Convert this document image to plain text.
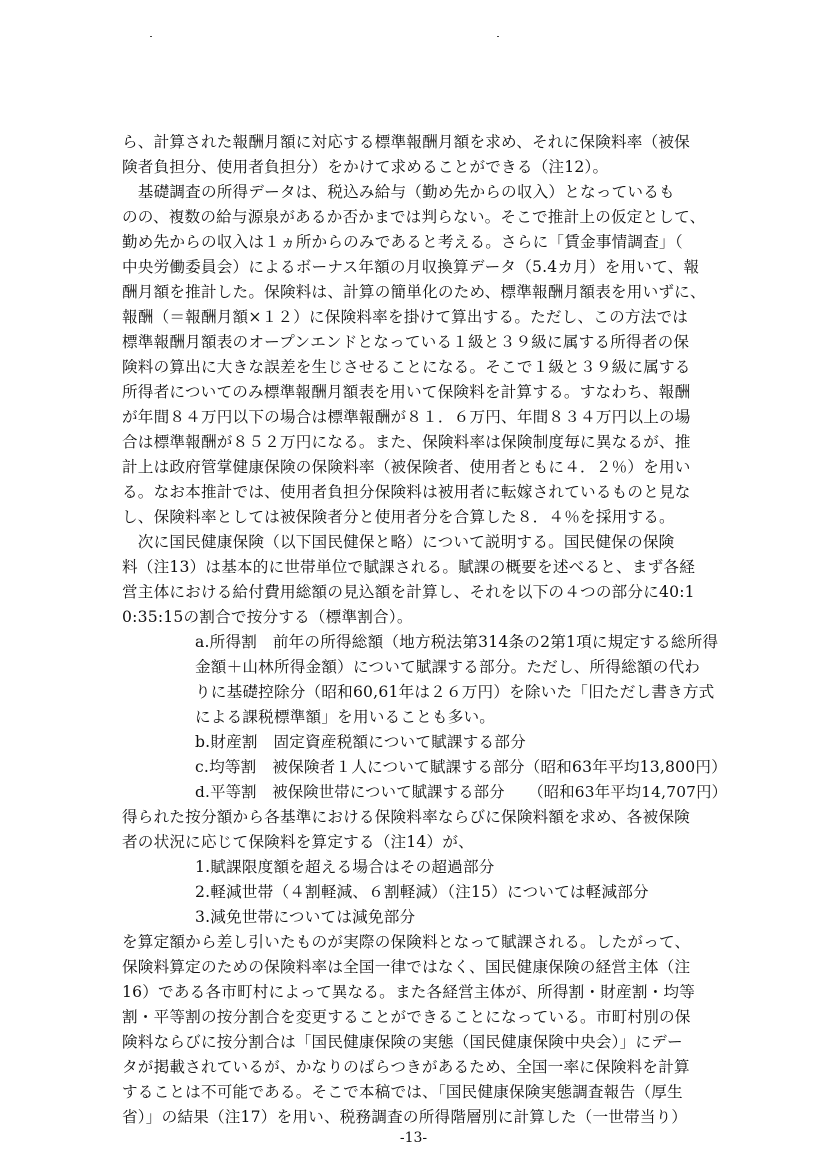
ら、計算された報酬月額に対応する標準報酬月額を求め、それに保険料率（被保
険者負担分、使用者負担分）をかけて求めることができる（注12）。
　基礎調査の所得データは、税込み給与（勤め先からの収入）となっているも
のの、複数の給与源泉があるか否かまでは判らない。そこで推計上の仮定として、
勤め先からの収入は１ヵ所からのみであると考える。さらに「賃金事情調査」（
中央労働委員会）によるボーナス年額の月収換算データ（5.4カ月）を用いて、報
酬月額を推計した。保険料は、計算の簡単化のため、標準報酬月額表を用いずに、
報酬（＝報酬月額×１２）に保険料率を掛けて算出する。ただし、この方法では
標準報酬月額表のオープンエンドとなっている１級と３９級に属する所得者の保
険料の算出に大きな誤差を生じさせることになる。そこで１級と３９級に属する
所得者についてのみ標準報酬月額表を用いて保険料を計算する。すなわち、報酬
が年間８４万円以下の場合は標準報酬が８１．６万円、年間８３４万円以上の場
合は標準報酬が８５２万円になる。また、保険料率は保険制度毎に異なるが、推
計上は政府管掌健康保険の保険料率（被保険者、使用者ともに４．２％）を用い
る。なお本推計では、使用者負担分保険料は被用者に転嫁されているものと見な
し、保険料率としては被保険者分と使用者分を合算した８．４％を採用する。
　次に国民健康保険（以下国民健保と略）について説明する。国民健保の保険
料（注13）は基本的に世帯単位で賦課される。賦課の概要を述べると、まず各経
営主体における給付費用総額の見込額を計算し、それを以下の４つの部分に40:1
0:35:15の割合で按分する（標準割合）。
a.所得割　前年の所得総額（地方税法第314条の2第1項に規定する総所得
金額＋山林所得金額）について賦課する部分。ただし、所得総額の代わ
りに基礎控除分（昭和60,61年は２６万円）を除いた「旧ただし書き方式
による課税標準額」を用いることも多い。
b.財産割　固定資産税額について賦課する部分
c.均等割　被保険者１人について賦課する部分（昭和63年平均13,800円）
d.平等割　被保険世帯について賦課する部分　　（昭和63年平均14,707円）
得られた按分額から各基準における保険料率ならびに保険料額を求め、各被保険
者の状況に応じて保険料を算定する（注14）が、
1.賦課限度額を超える場合はその超過部分
2.軽減世帯（４割軽減、６割軽減）（注15）については軽減部分
3.減免世帯については減免部分
を算定額から差し引いたものが実際の保険料となって賦課される。したがって、
保険料算定のための保険料率は全国一律ではなく、国民健康保険の経営主体（注
16）である各市町村によって異なる。また各経営主体が、所得割・財産割・均等
割・平等割の按分割合を変更することができることになっている。市町村別の保
険料ならびに按分割合は「国民健康保険の実態（国民健康保険中央会）」にデー
タが掲載されているが、かなりのばらつきがあるため、全国一率に保険料を計算
することは不可能である。そこで本稿では、「国民健康保険実態調査報告（厚生
省）」の結果（注17）を用い、税務調査の所得階層別に計算した（一世帯当り）
-13-
